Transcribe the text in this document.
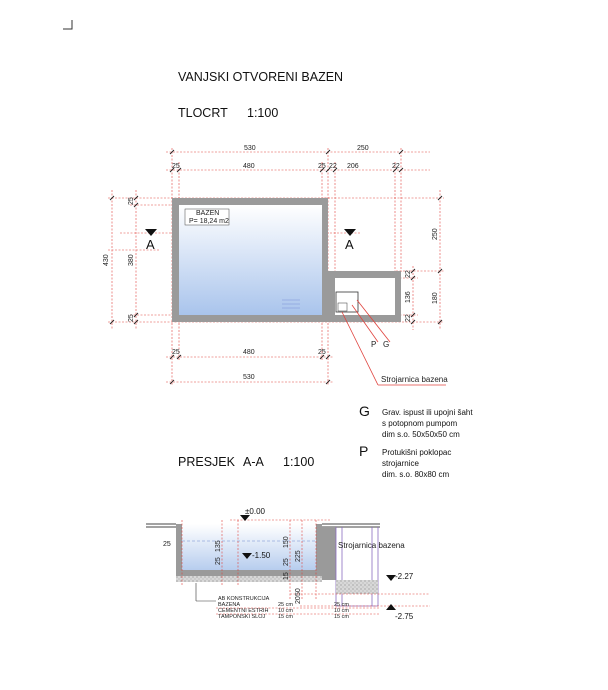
VANJSKI OTVORENI BAZEN
TLOCRT 1:100
PRESJEK A-A 1:100
G Grav. ispust ili upojni šaht
s potopnom pumpom
dim s.o. 50x50x50 cm
P Protukišni poklopac
strojarnice
dim. s.o. 80x80 cm
BAZEN
P= 18,24 m2
A	A
P G
Strojarnica bazena
530	250
25	480	25 22 206	22
25	480	25
530
430	380
25
25
250
180
136
22
22
±0.00
-1.50
-2.27
-2.75
Strojarnica bazena
25	135
25
150
225
15
20
50
25
AB KONSTRUKCIJA
BAZENA	25 cm	25 cm
CEMENTNI ESTRIH 10 cm	10 cm
TAMPONSKI SLOJ 15 cm	15 cm
